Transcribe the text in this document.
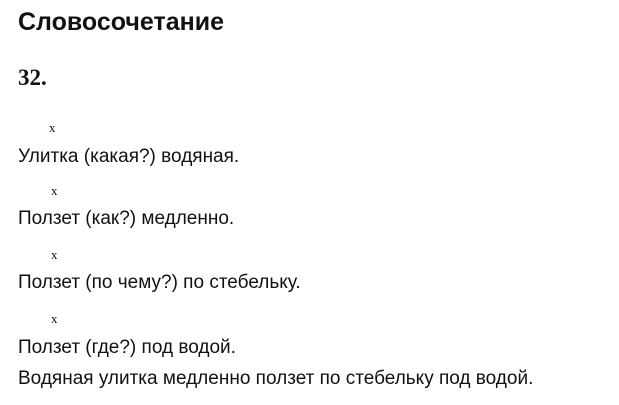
Словосочетание
32.
х
Улитка (какая?) водяная.
х
Ползет (как?) медленно.
х
Ползет (по чему?) по стебельку.
х
Ползет (где?) под водой.
Водяная улитка медленно ползет по стебельку под водой.
